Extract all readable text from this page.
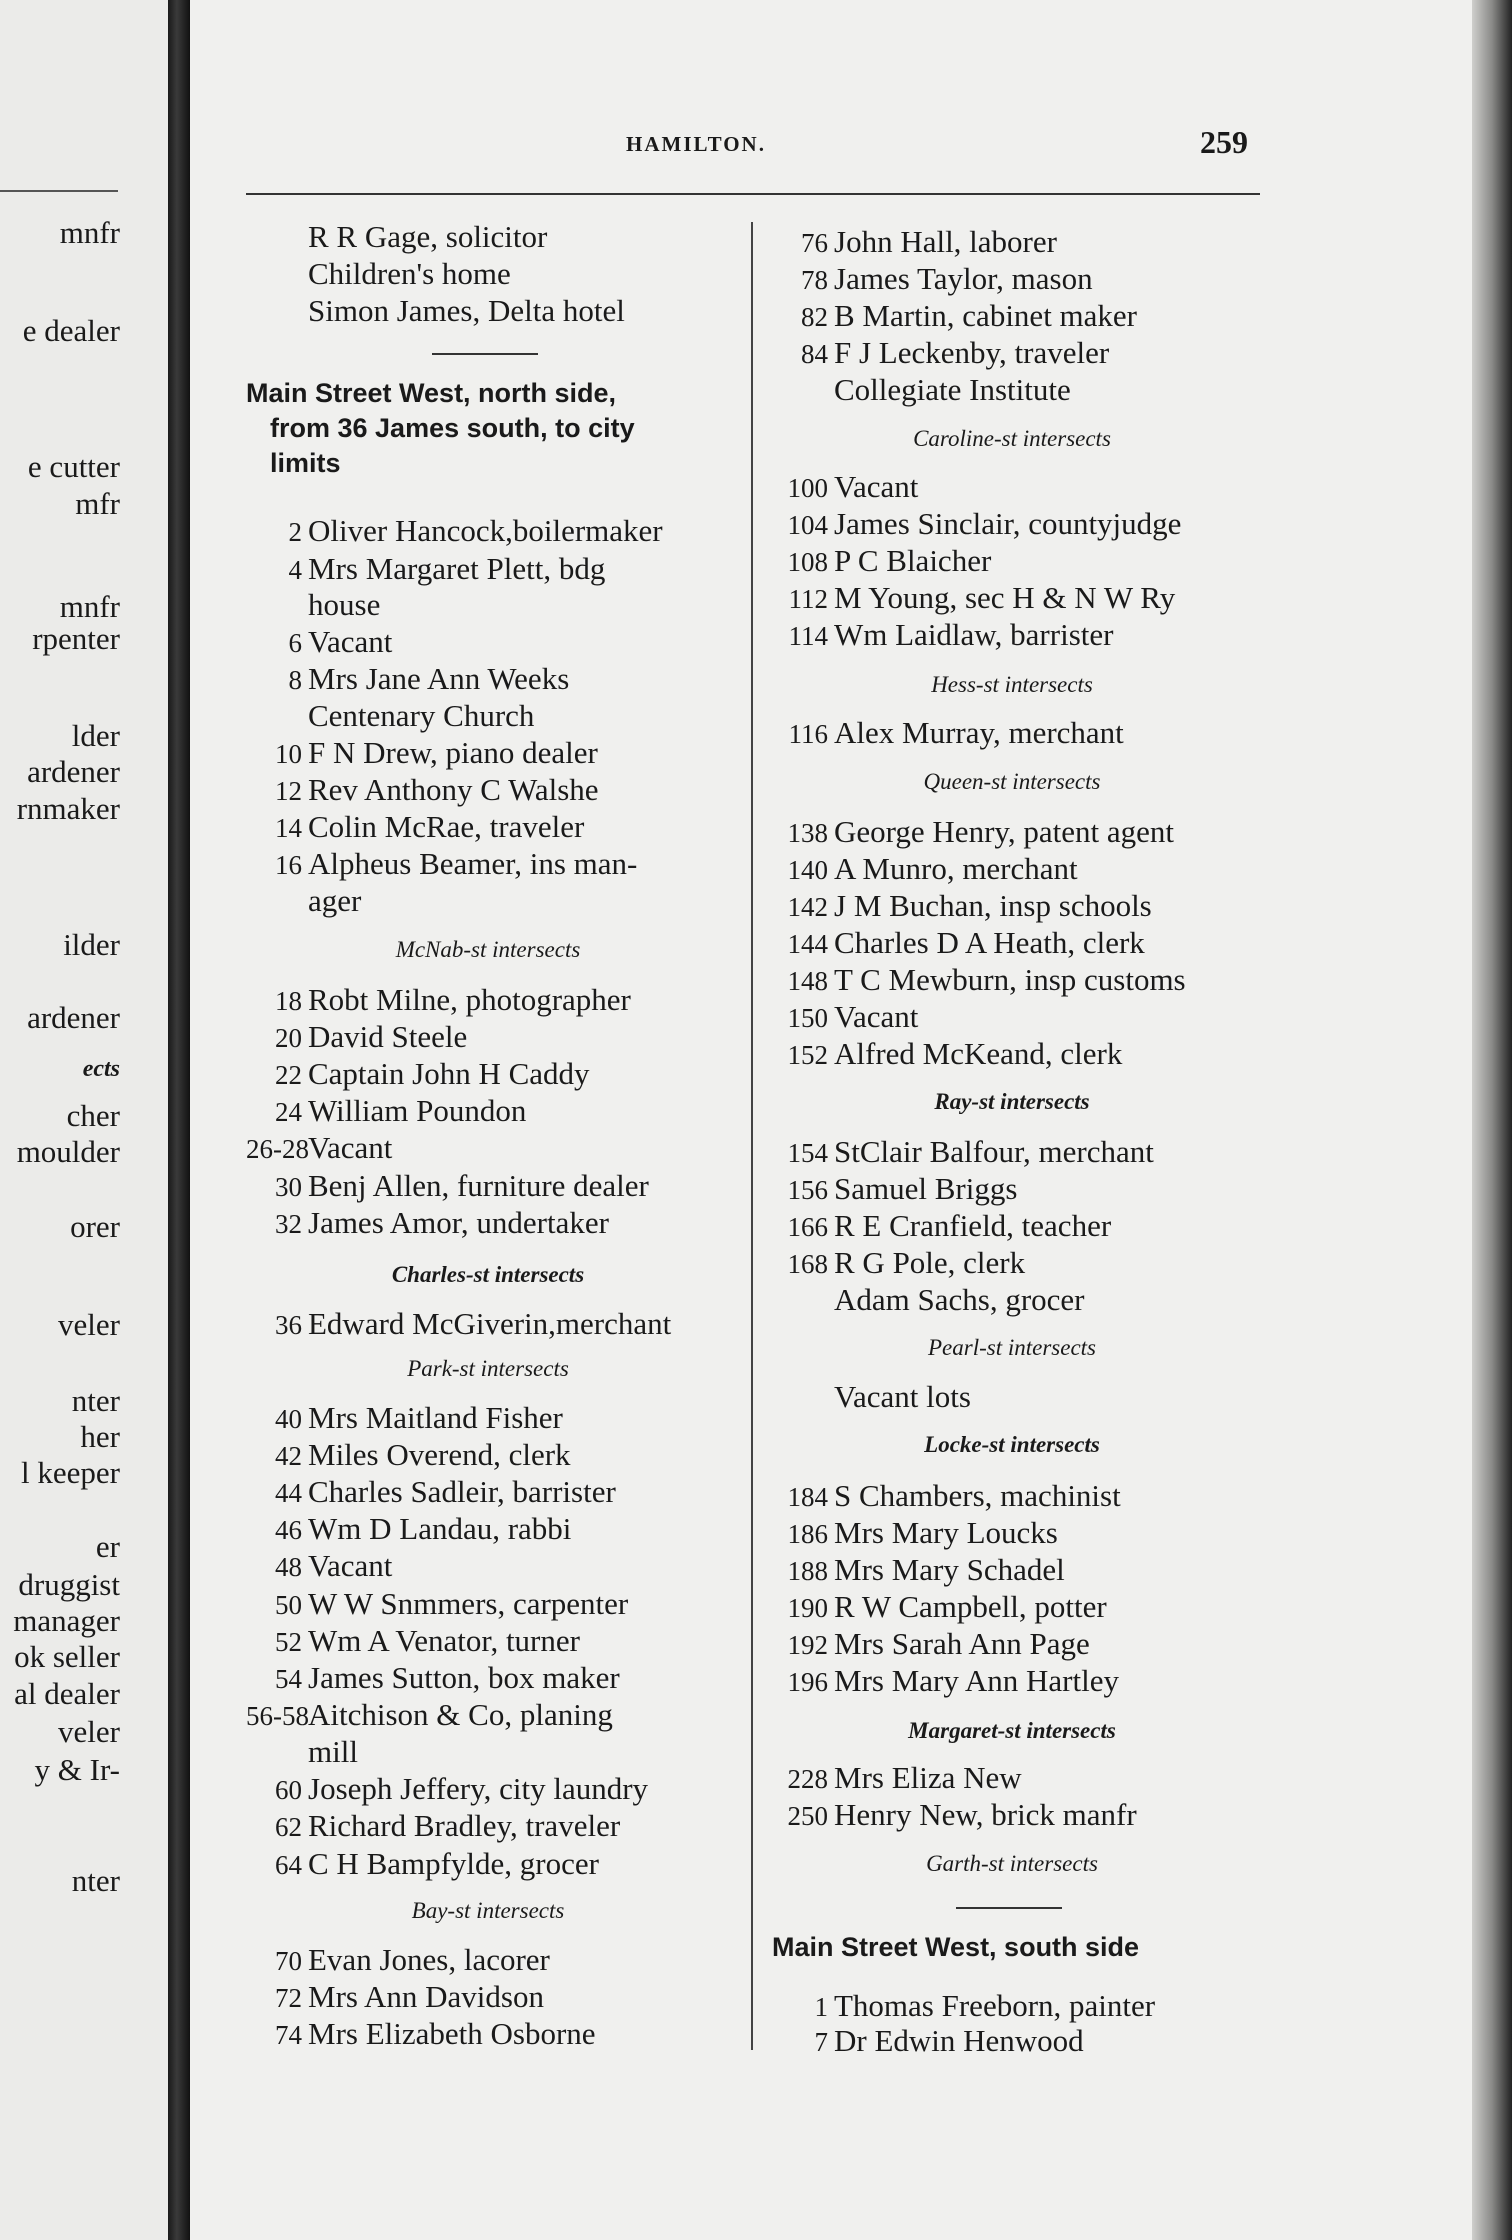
mnfr
e dealer
e cutter
mfr
mnfr
rpenter
lder
ardener
rnmaker
ilder
ardener
ects
cher
moulder
orer
veler
nter
her
l keeper
er
druggist
manager
ok seller
al dealer
veler
y & Ir-
nter
HAMILTON.	259
R R Gage, solicitor
Children's home
Simon James, Delta hotel
Main Street West, north side,
from 36 James south, to city
limits
2 Oliver Hancock,boilermaker
4 Mrs Margaret Plett, bdg
house
6 Vacant
8 Mrs Jane Ann Weeks
Centenary Church
10 F N Drew, piano dealer
12 Rev Anthony C Walshe
14 Colin McRae, traveler
16 Alpheus Beamer, ins man-
ager
McNab-st intersects
18 Robt Milne, photographer
20 David Steele
22 Captain John H Caddy
24 William Poundon
26-28Vacant
30 Benj Allen, furniture dealer
32 James Amor, undertaker
Charles-st intersects
36 Edward McGiverin,merchant
Park-st intersects
40 Mrs Maitland Fisher
42 Miles Overend, clerk
44 Charles Sadleir, barrister
46 Wm D Landau, rabbi
48 Vacant
50 W W Snmmers, carpenter
52 Wm A Venator, turner
54 James Sutton, box maker
56-58Aitchison & Co, planing
mill
60 Joseph Jeffery, city laundry
62 Richard Bradley, traveler
64 C H Bampfylde, grocer
Bay-st intersects
70 Evan Jones, lacorer
72 Mrs Ann Davidson
74 Mrs Elizabeth Osborne
76 John Hall, laborer
78 James Taylor, mason
82 B Martin, cabinet maker
84 F J Leckenby, traveler
Collegiate Institute
Caroline-st intersects
100 Vacant
104 James Sinclair, countyjudge
108 P C Blaicher
112 M Young, sec H & N W Ry
114 Wm Laidlaw, barrister
Hess-st intersects
116 Alex Murray, merchant
Queen-st intersects
138 George Henry, patent agent
140 A Munro, merchant
142 J M Buchan, insp schools
144 Charles D A Heath, clerk
148 T C Mewburn, insp customs
150 Vacant
152 Alfred McKeand, clerk
Ray-st intersects
154 StClair Balfour, merchant
156 Samuel Briggs
166 R E Cranfield, teacher
168 R G Pole, clerk
Adam Sachs, grocer
Pearl-st intersects
Vacant lots
Locke-st intersects
184 S Chambers, machinist
186 Mrs Mary Loucks
188 Mrs Mary Schadel
190 R W Campbell, potter
192 Mrs Sarah Ann Page
196 Mrs Mary Ann Hartley
Margaret-st intersects
228 Mrs Eliza New
250 Henry New, brick manfr
Garth-st intersects
Main Street West, south side
1 Thomas Freeborn, painter
7 Dr Edwin Henwood
